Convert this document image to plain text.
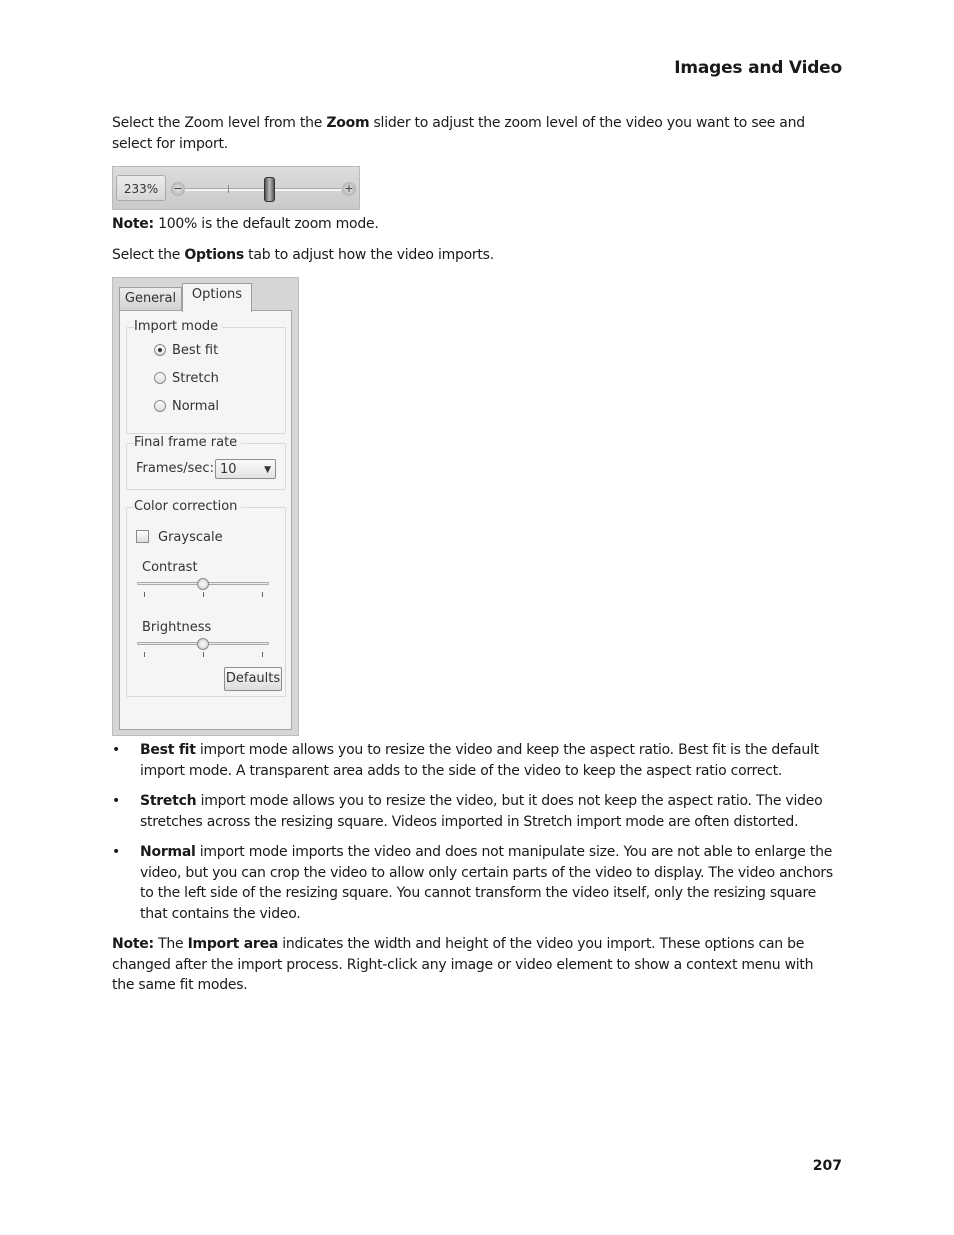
Images and Video

Select the Zoom level from the Zoom slider to adjust the zoom level of the video you want to see and select for import.

233%	−	+

Note: 100% is the default zoom mode.

Select the Options tab to adjust how the video imports.

General	Options
Import mode
Best fit
Stretch
Normal
Final frame rate
Frames/sec: 10	▼
Color correction
Grayscale
Contrast
Brightness
Defaults
• Best fit import mode allows you to resize the video and keep the aspect ratio. Best fit is the default import mode. A transparent area adds to the side of the video to keep the aspect ratio correct.
• Stretch import mode allows you to resize the video, but it does not keep the aspect ratio. The video stretches across the resizing square. Videos imported in Stretch import mode are often distorted.
• Normal import mode imports the video and does not manipulate size. You are not able to enlarge the video, but you can crop the video to allow only certain parts of the video to display. The video anchors to the left side of the resizing square. You cannot transform the video itself, only the resizing square that contains the video.

Note: The Import area indicates the width and height of the video you import. These options can be changed after the import process. Right-click any image or video element to show a context menu with the same fit modes.

207
